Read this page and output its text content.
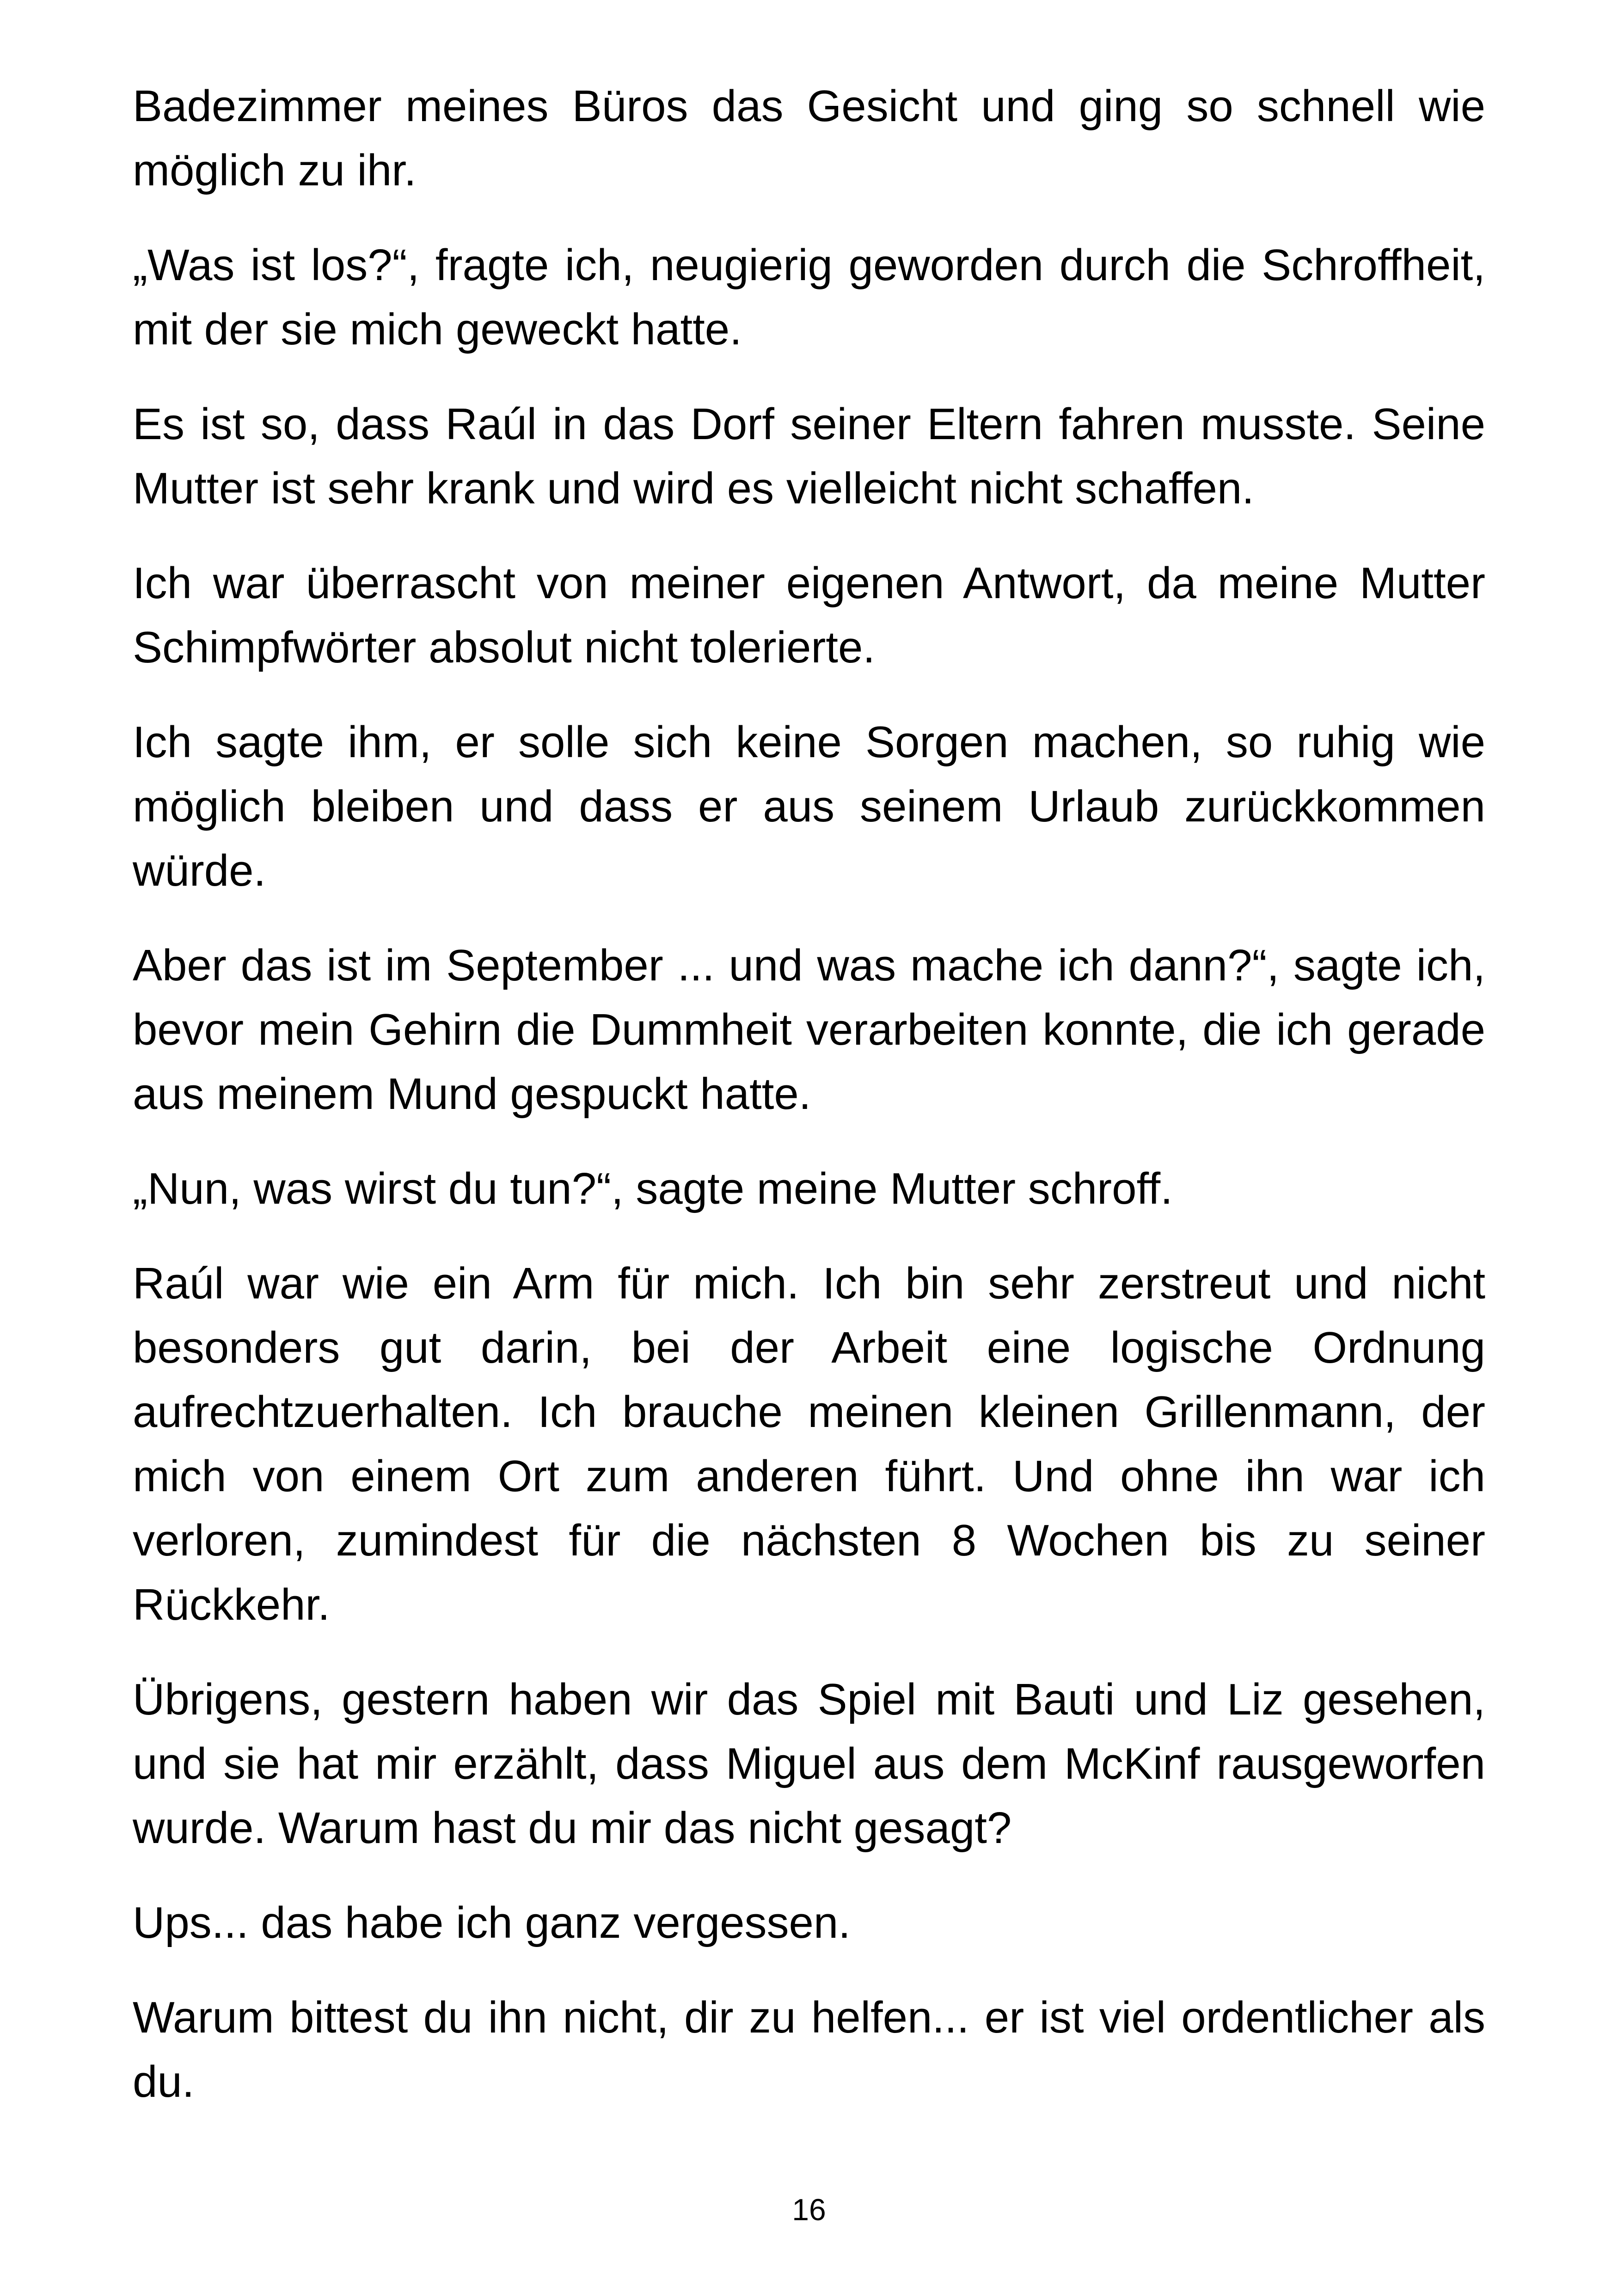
Badezimmer meines Büros das Gesicht und ging so schnell wie möglich zu ihr.

„Was ist los?“, fragte ich, neugierig geworden durch die Schroffheit, mit der sie mich geweckt hatte.

Es ist so, dass Raúl in das Dorf seiner Eltern fahren musste. Seine Mutter ist sehr krank und wird es vielleicht nicht schaffen.

Ich war überrascht von meiner eigenen Antwort, da meine Mutter Schimpfwörter absolut nicht tolerierte.

Ich sagte ihm, er solle sich keine Sorgen machen, so ruhig wie möglich bleiben und dass er aus seinem Urlaub zurückkommen würde.

Aber das ist im September ... und was mache ich dann?“, sagte ich, bevor mein Gehirn die Dummheit verarbeiten konnte, die ich gerade aus meinem Mund gespuckt hatte.

„Nun, was wirst du tun?“, sagte meine Mutter schroff.

Raúl war wie ein Arm für mich. Ich bin sehr zerstreut und nicht besonders gut darin, bei der Arbeit eine logische Ordnung aufrechtzuerhalten. Ich brauche meinen kleinen Grillenmann, der mich von einem Ort zum anderen führt. Und ohne ihn war ich verloren, zumindest für die nächsten 8 Wochen bis zu seiner Rückkehr.

Übrigens, gestern haben wir das Spiel mit Bauti und Liz gesehen, und sie hat mir erzählt, dass Miguel aus dem McKinf rausgeworfen wurde. Warum hast du mir das nicht gesagt?

Ups... das habe ich ganz vergessen.

Warum bittest du ihn nicht, dir zu helfen... er ist viel ordentlicher als du.

16
